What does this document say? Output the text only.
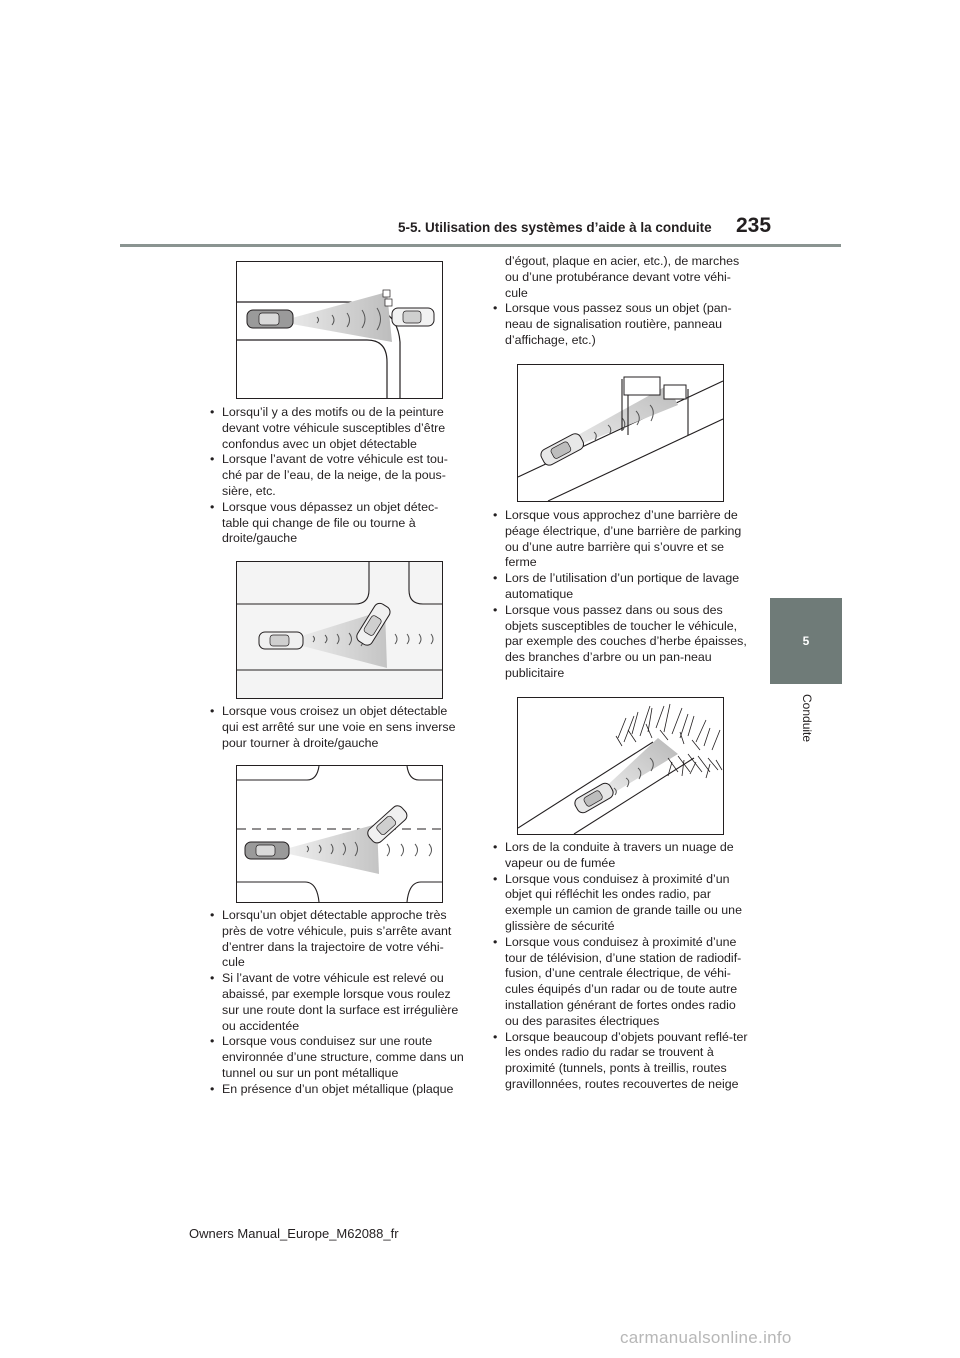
5-5. Utilisation des systèmes d’aide à la conduite	235
5
Conduite
• Lorsqu’il y a des motifs ou de la peinture devant votre véhicule susceptibles d’être confondus avec un objet détectable
• Lorsque l’avant de votre véhicule est tou-ché par de l’eau, de la neige, de la pous-sière, etc.
• Lorsque vous dépassez un objet détec-table qui change de file ou tourne à droite/gauche
• Lorsque vous croisez un objet détectable qui est arrêté sur une voie en sens inverse pour tourner à droite/gauche
• Lorsqu’un objet détectable approche très près de votre véhicule, puis s’arrête avant d’entrer dans la trajectoire de votre véhi-cule
• Si l’avant de votre véhicule est relevé ou abaissé, par exemple lorsque vous roulez sur une route dont la surface est irrégulière ou accidentée
• Lorsque vous conduisez sur une route environnée d’une structure, comme dans un tunnel ou sur un pont métallique
• En présence d’un objet métallique (plaque

d’égout, plaque en acier, etc.), de marches ou d’une protubérance devant votre véhi-cule

• Lorsque vous passez sous un objet (pan-neau de signalisation routière, panneau d’affichage, etc.)
• Lorsque vous approchez d’une barrière de péage électrique, d’une barrière de parking ou d’une autre barrière qui s’ouvre et se ferme
• Lors de l’utilisation d’un portique de lavage automatique
• Lorsque vous passez dans ou sous des objets susceptibles de toucher le véhicule, par exemple des couches d’herbe épaisses, des branches d’arbre ou un pan-neau publicitaire
• Lors de la conduite à travers un nuage de vapeur ou de fumée
• Lorsque vous conduisez à proximité d’un objet qui réfléchit les ondes radio, par exemple un camion de grande taille ou une glissière de sécurité
• Lorsque vous conduisez à proximité d’une tour de télévision, d’une station de radiodif-fusion, d’une centrale électrique, de véhi-cules équipés d’un radar ou de toute autre installation générant de fortes ondes radio ou des parasites électriques
• Lorsque beaucoup d’objets pouvant reflé-ter les ondes radio du radar se trouvent à proximité (tunnels, ponts à treillis, routes gravillonnées, routes recouvertes de neige
Owners Manual_Europe_M62088_fr
carmanualsonline.info
